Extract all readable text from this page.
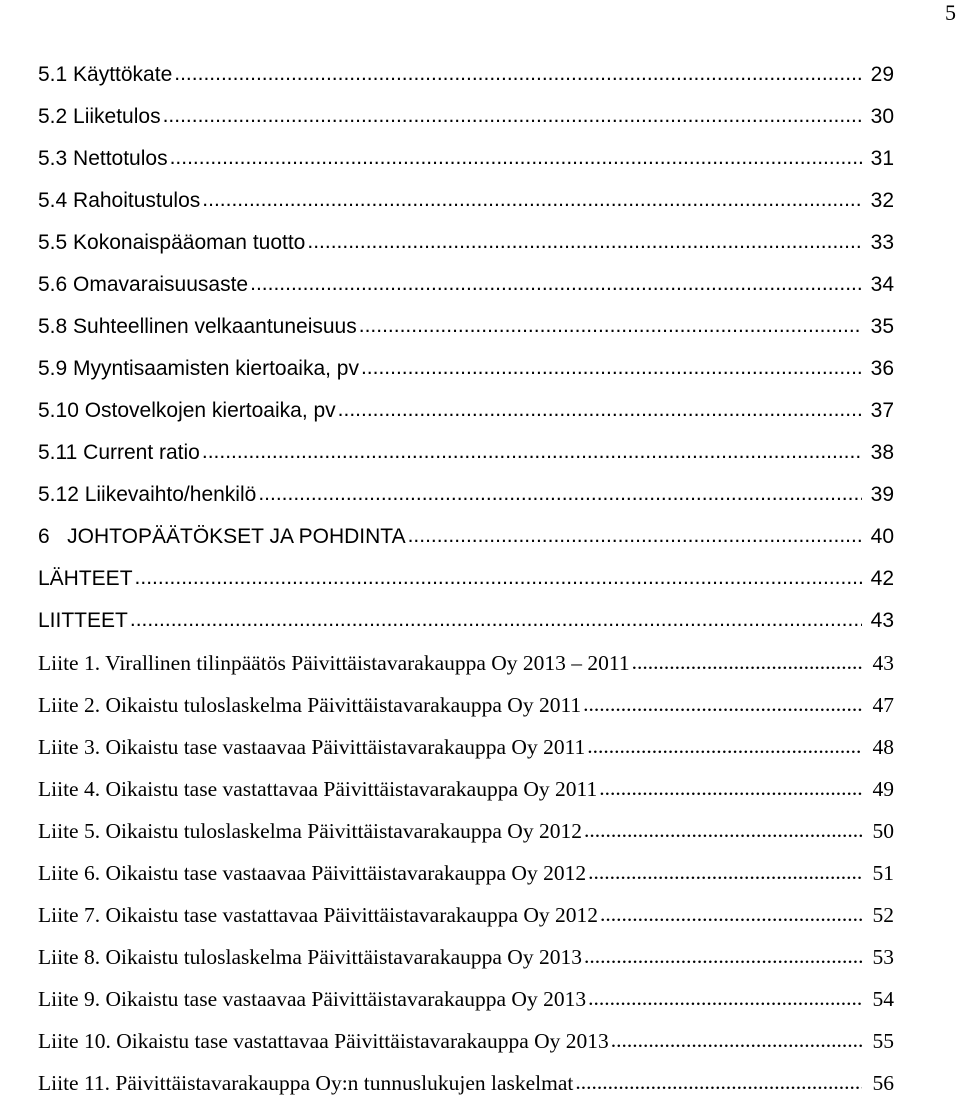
5
5.1 Käyttökate .....	29
5.2 Liiketulos .....	30
5.3 Nettotulos .....	31
5.4 Rahoitustulos .....	32
5.5 Kokonaispääoman tuotto .....	33
5.6 Omavaraisuusaste .....	34
5.8 Suhteellinen velkaantuneisuus .....	35
5.9 Myyntisaamisten kiertoaika, pv .....	36
5.10 Ostovelkojen kiertoaika, pv .....	37
5.11 Current ratio .....	38
5.12 Liikevaihto/henkilö .....	39
6   JOHTOPÄÄTÖKSET JA POHDINTA .....	40
LÄHTEET .....	42
LIITTEET .....	43
Liite 1. Virallinen tilinpäätös Päivittäistavarakauppa Oy 2013 – 2011 .....	43
Liite 2. Oikaistu tuloslaskelma Päivittäistavarakauppa Oy 2011 .....	47
Liite 3. Oikaistu tase vastaavaa Päivittäistavarakauppa Oy 2011 .....	48
Liite 4. Oikaistu tase vastattavaa Päivittäistavarakauppa Oy 2011 .....	49
Liite 5. Oikaistu tuloslaskelma Päivittäistavarakauppa Oy 2012 .....	50
Liite 6. Oikaistu tase vastaavaa Päivittäistavarakauppa Oy 2012 .....	51
Liite 7. Oikaistu tase vastattavaa Päivittäistavarakauppa Oy 2012 .....	52
Liite 8. Oikaistu tuloslaskelma Päivittäistavarakauppa Oy 2013 .....	53
Liite 9. Oikaistu tase vastaavaa Päivittäistavarakauppa Oy 2013 .....	54
Liite 10. Oikaistu tase vastattavaa Päivittäistavarakauppa Oy 2013 .....	55
Liite 11. Päivittäistavarakauppa Oy:n tunnuslukujen laskelmat .....	56
